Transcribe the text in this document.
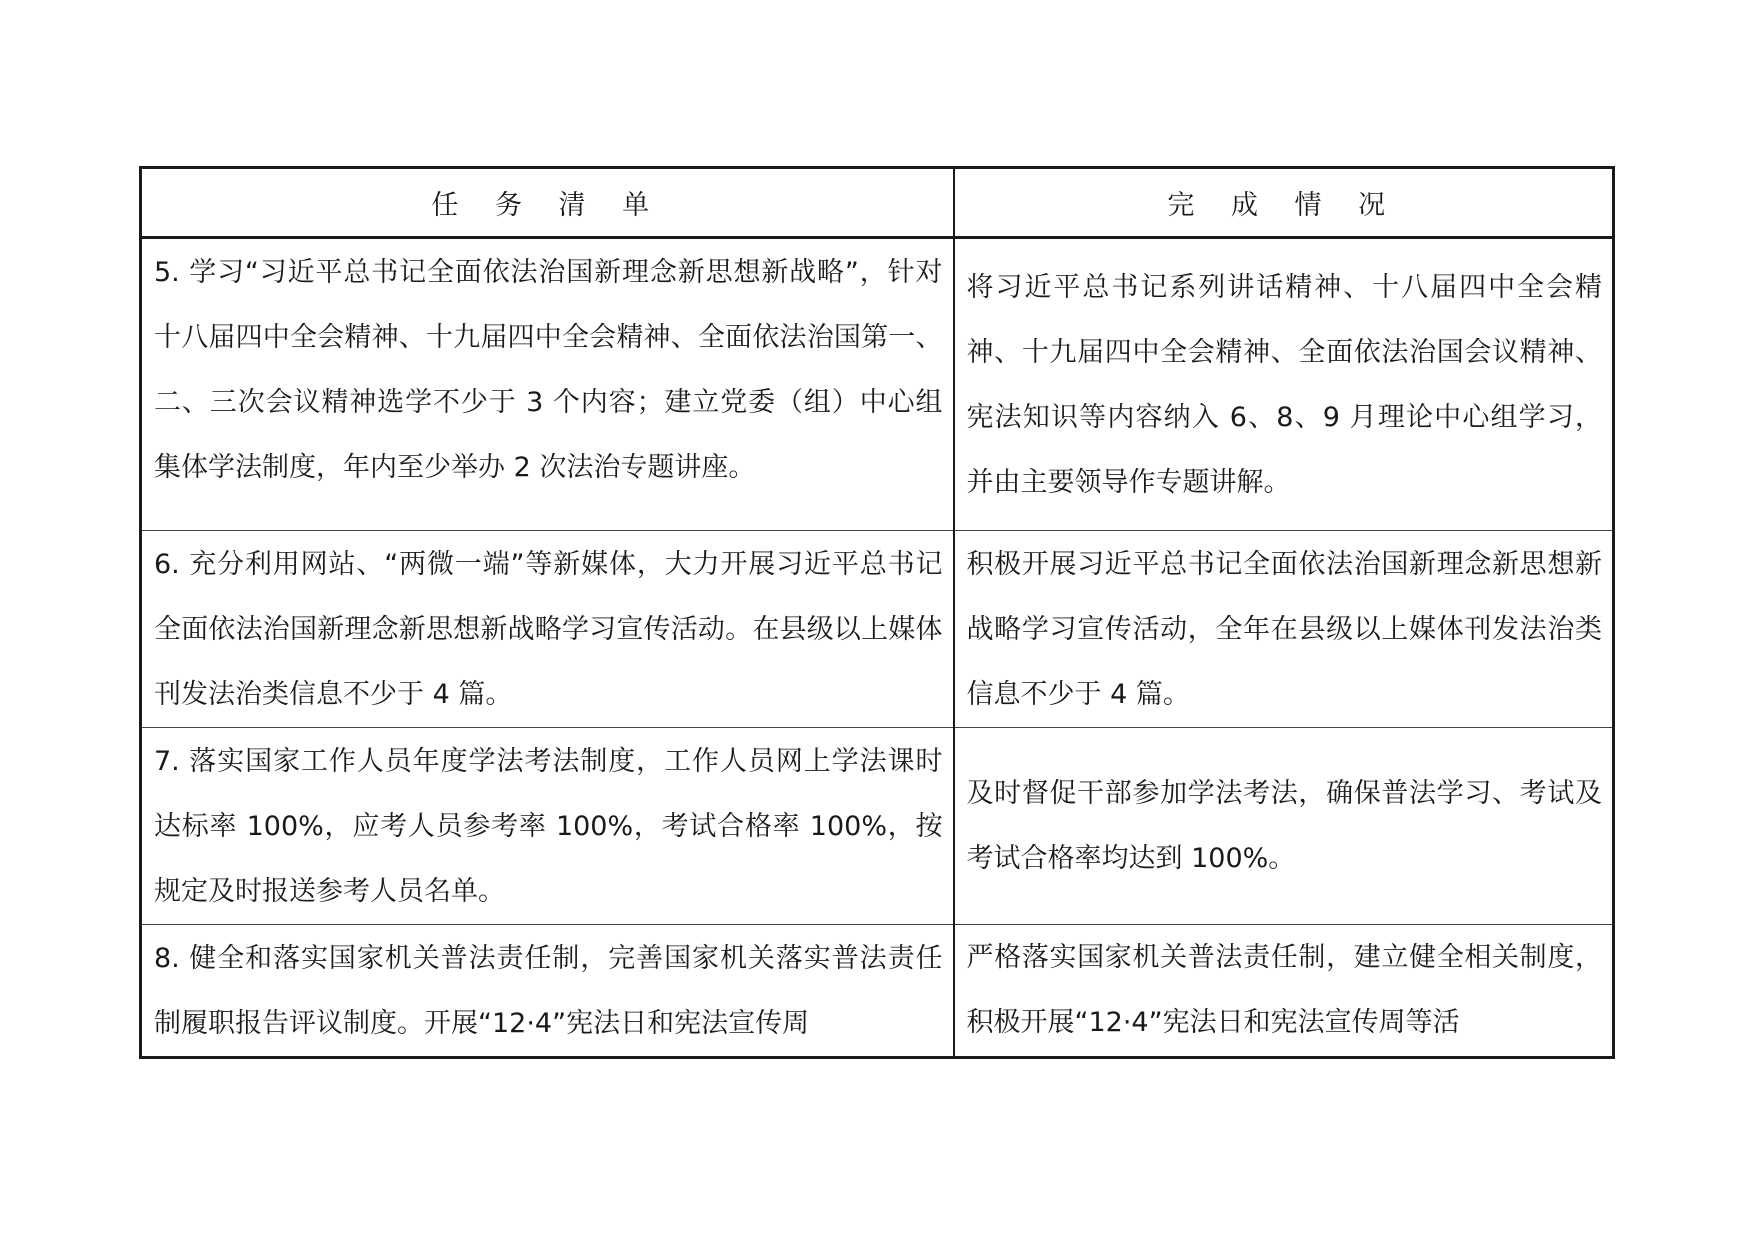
任 务 清 单	完 成 情 况

5. 学习“习近平总书记全面依法治国新理念新思想新战略”，针对十八届四中全会精神、十九届四中全会精神、全面依法治国第一、二、三次会议精神选学不少于 3 个内容；建立党委（组）中心组集体学法制度，年内至少举办 2 次法治专题讲座。	将习近平总书记系列讲话精神、十八届四中全会精神、十九届四中全会精神、全面依法治国会议精神、宪法知识等内容纳入 6、8、9 月理论中心组学习，并由主要领导作专题讲解。

6. 充分利用网站、“两微一端”等新媒体，大力开展习近平总书记全面依法治国新理念新思想新战略学习宣传活动。在县级以上媒体刊发法治类信息不少于 4 篇。	积极开展习近平总书记全面依法治国新理念新思想新战略学习宣传活动，全年在县级以上媒体刊发法治类信息不少于 4 篇。

7. 落实国家工作人员年度学法考法制度，工作人员网上学法课时达标率 100%，应考人员参考率 100%，考试合格率 100%，按规定及时报送参考人员名单。	及时督促干部参加学法考法，确保普法学习、考试及考试合格率均达到 100%。

8. 健全和落实国家机关普法责任制，完善国家机关落实普法责任制履职报告评议制度。开展“12·4”宪法日和宪法宣传周	严格落实国家机关普法责任制，建立健全相关制度，积极开展“12·4”宪法日和宪法宣传周等活
